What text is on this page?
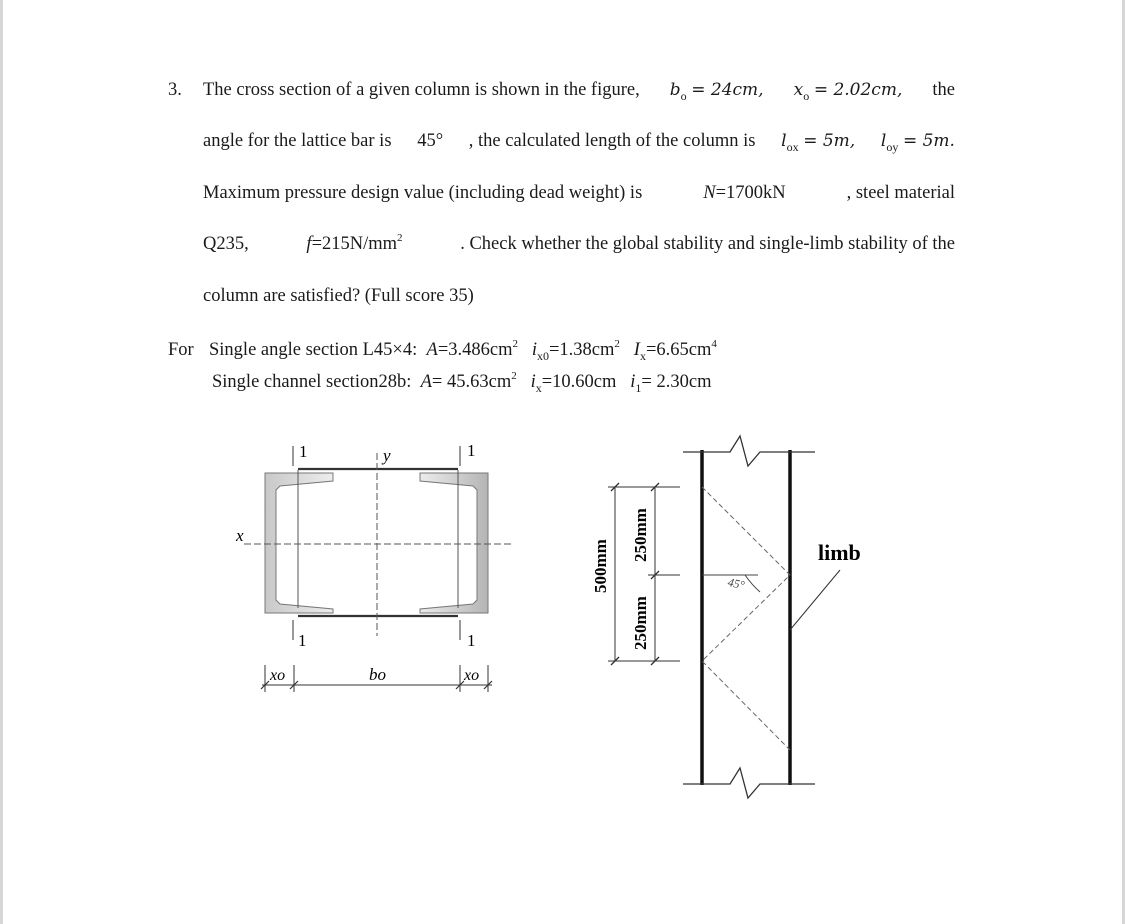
3. The cross section of a given column is shown in the figure, $b_o = 24cm$, $x_o = 2.02cm$, the
angle for the lattice bar is 45° , the calculated length of the column is $l_{ox} = 5m$, $l_{oy} = 5m$.
Maximum pressure design value (including dead weight) is	N=1700kN	, steel material
Q235,	$f=215N/mm^2$	. Check whether the global stability and single-limb stability of the
column are satisfied? (Full score 35)
For Single angle section L45×4: $A=3.486cm^2$ $i_{x0}=1.38cm^2$ $I_x=6.65cm^4$
Single channel section28b: $A= 45.63cm^2$ $i_x=10.60cm$ $i_1= 2.30cm$
1	1
1	1
y
x
xo	bo	xo
45°
limb
500mm
250mm
250mm
